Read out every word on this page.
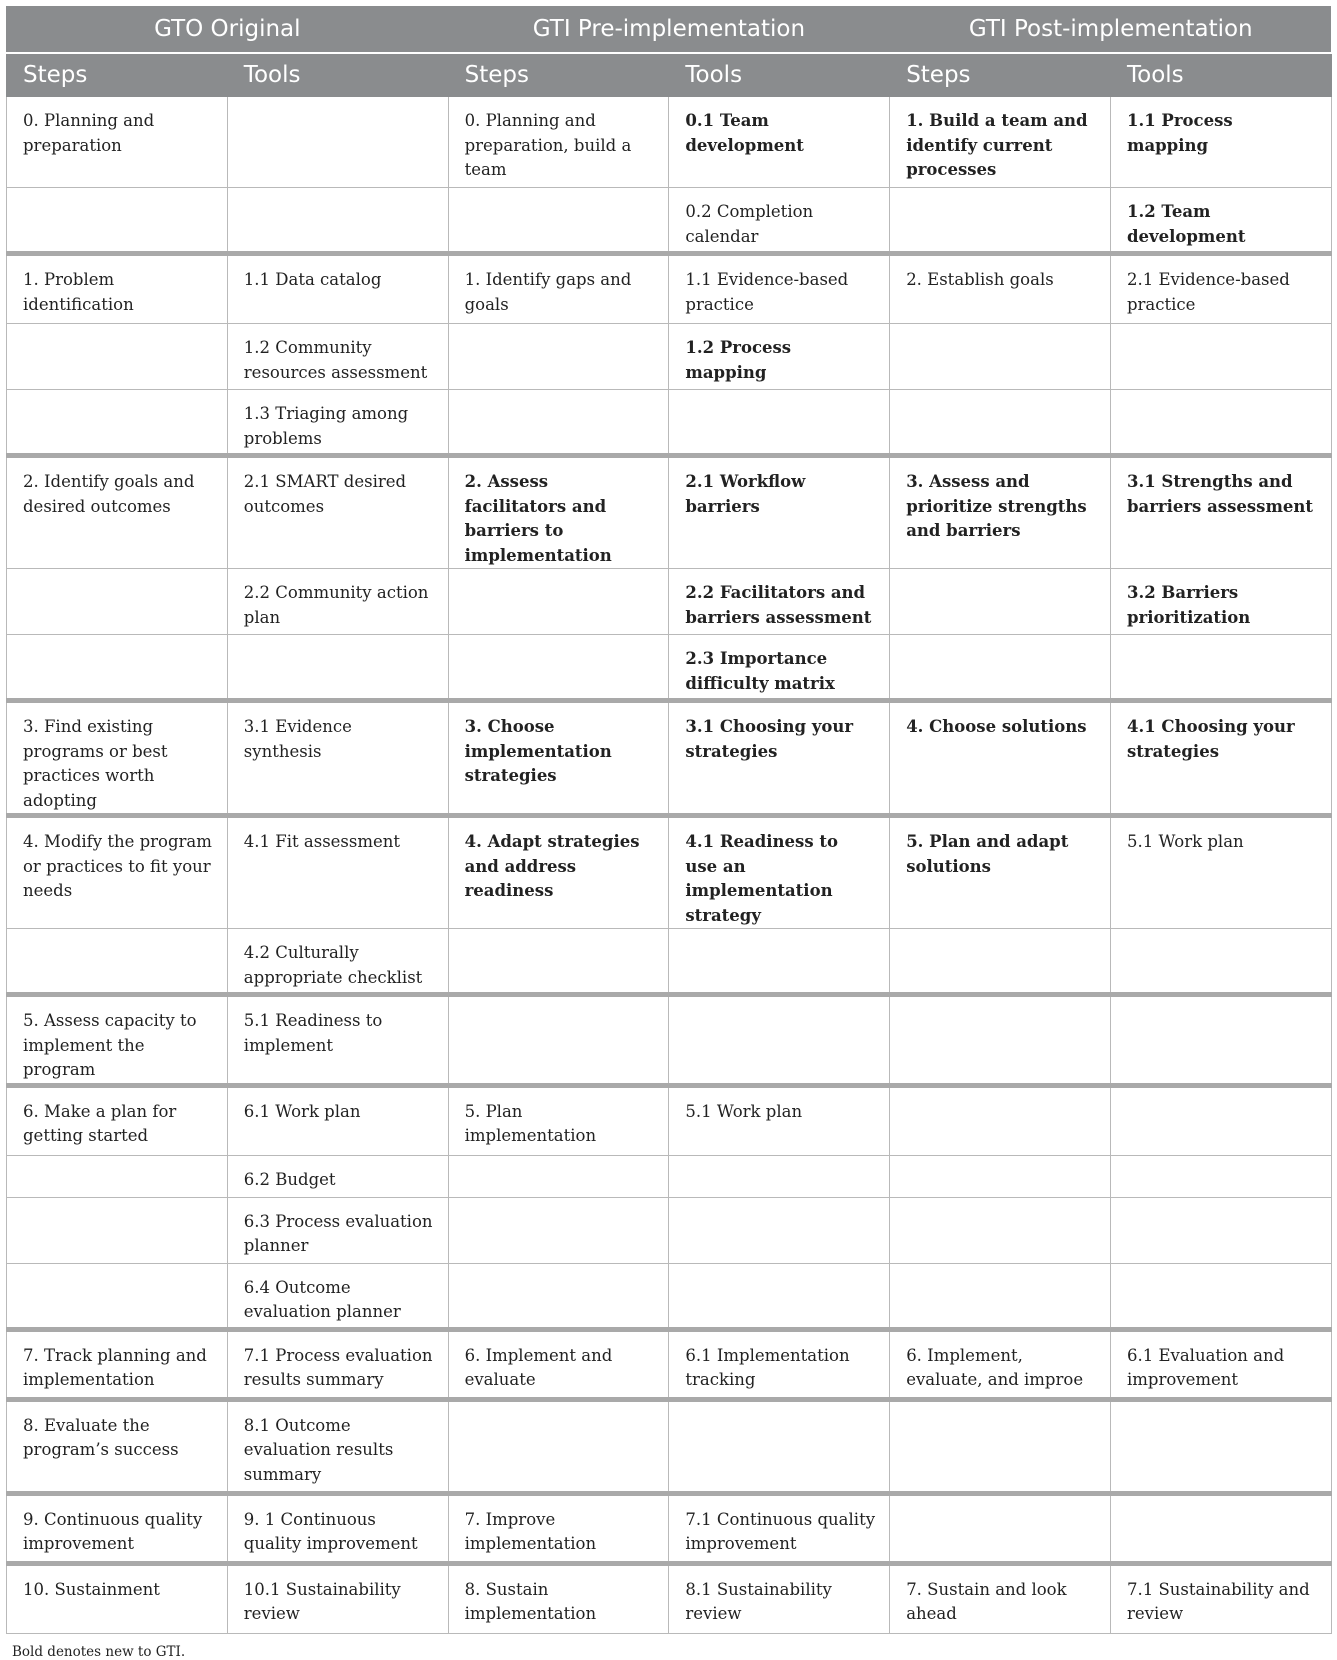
GTO Original		GTI Pre-implementation		GTI Post-implementation	
Steps	Tools	Steps	Tools	Steps	Tools
0. Planning and preparation		0. Planning and preparation, build a team	0.1 Team development	1. Build a team and identify current processes	1.1 Process mapping
			0.2 Completion calendar		1.2 Team development
1. Problem identification	1.1 Data catalog	1. Identify gaps and goals	1.1 Evidence-based practice	2. Establish goals	2.1 Evidence-based practice
	1.2 Community resources assessment		1.2 Process mapping		
	1.3 Triaging among problems				
2. Identify goals and desired outcomes	2.1 SMART desired outcomes	2. Assess facilitators and barriers to implementation	2.1 Workflow barriers	3. Assess and prioritize strengths and barriers	3.1 Strengths and barriers assessment
	2.2 Community action plan		2.2 Facilitators and barriers assessment		3.2 Barriers prioritization
			2.3 Importance difficulty matrix		
3. Find existing programs or best practices worth adopting	3.1 Evidence synthesis	3. Choose implementation strategies	3.1 Choosing your strategies	4. Choose solutions	4.1 Choosing your strategies
4. Modify the program or practices to fit your needs	4.1 Fit assessment	4. Adapt strategies and address readiness	4.1 Readiness to use an implementation strategy	5. Plan and adapt solutions	5.1 Work plan
	4.2 Culturally appropriate checklist				
5. Assess capacity to implement the program	5.1 Readiness to implement				
6. Make a plan for getting started	6.1 Work plan	5. Plan implementation	5.1 Work plan		
	6.2 Budget				
	6.3 Process evaluation planner				
	6.4 Outcome evaluation planner				
7. Track planning and implementation	7.1 Process evaluation results summary	6. Implement and evaluate	6.1 Implementation tracking	6. Implement, evaluate, and improe	6.1 Evaluation and improvement
8. Evaluate the program’s success	8.1 Outcome evaluation results summary				
9. Continuous quality improvement	9. 1 Continuous quality improvement	7. Improve implementation	7.1 Continuous quality improvement		
10. Sustainment	10.1 Sustainability review	8. Sustain implementation	8.1 Sustainability review	7. Sustain and look ahead	7.1 Sustainability and review
Bold denotes new to GTI.
